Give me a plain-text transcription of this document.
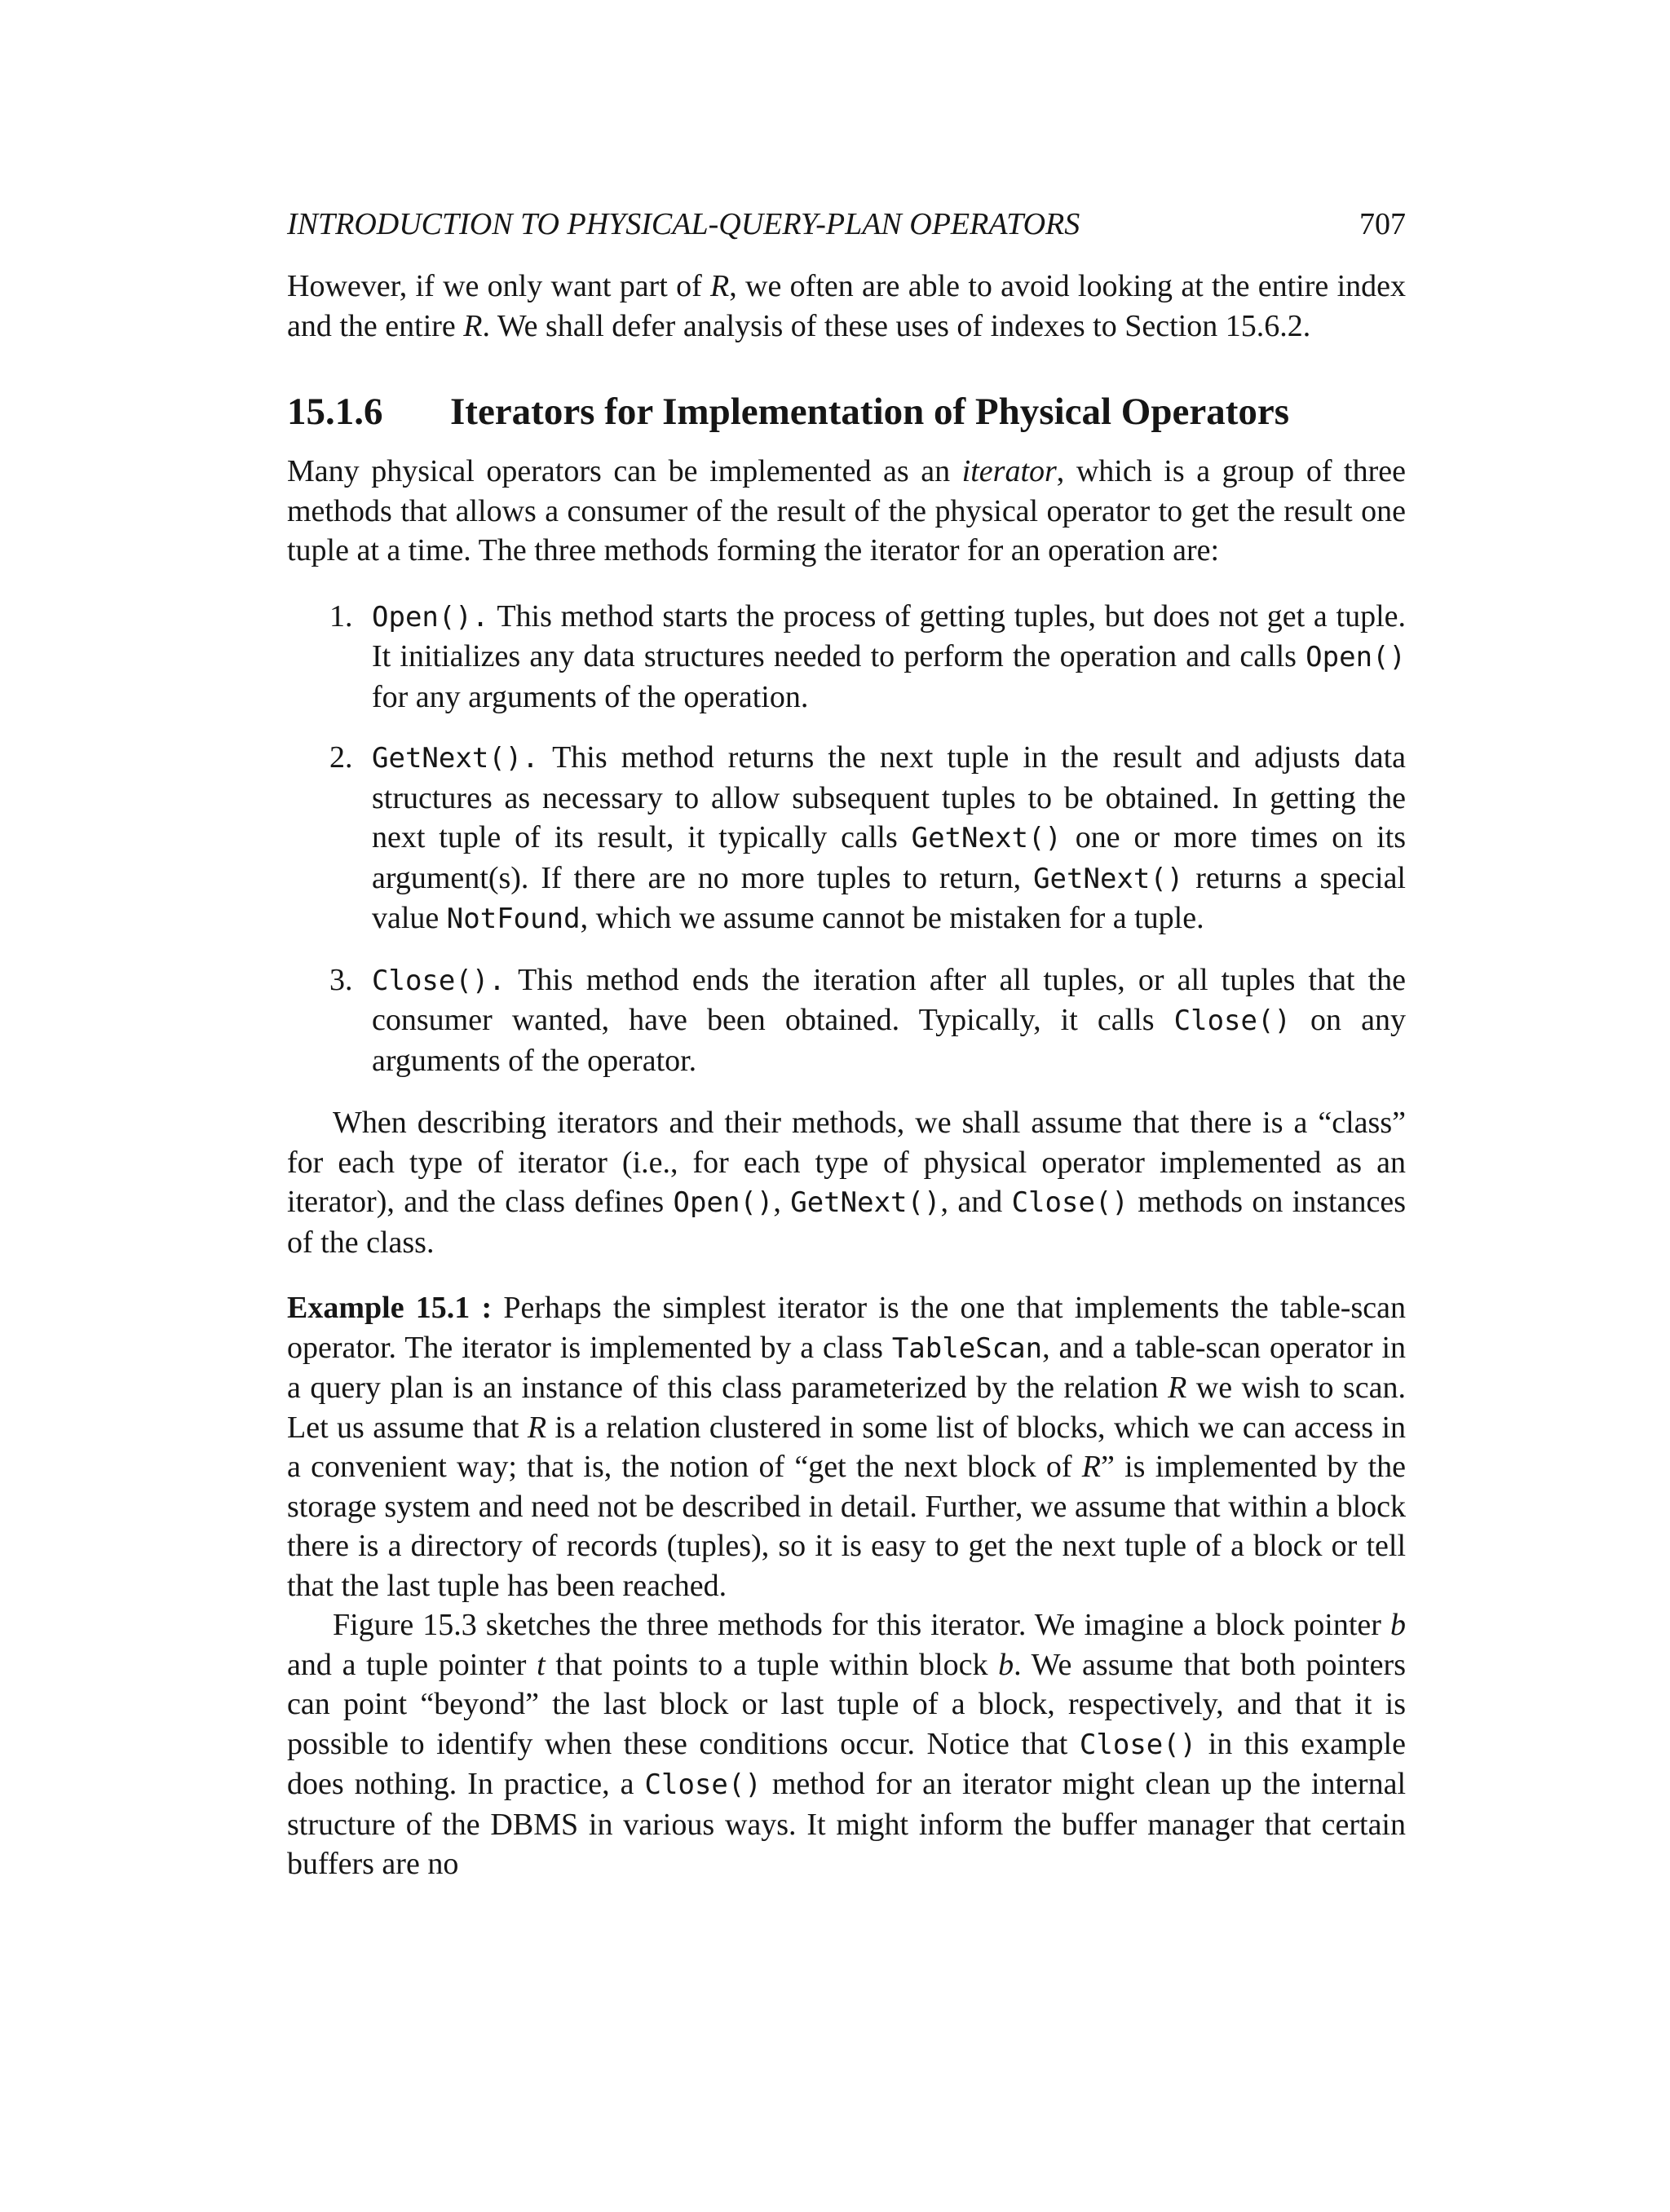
INTRODUCTION TO PHYSICAL-QUERY-PLAN OPERATORS	707

However, if we only want part of R, we often are able to avoid looking at the entire index and the entire R. We shall defer analysis of these uses of indexes to Section 15.6.2.

15.1.6 Iterators for Implementation of Physical Operators

Many physical operators can be implemented as an iterator, which is a group of three methods that allows a consumer of the result of the physical operator to get the result one tuple at a time. The three methods forming the iterator for an operation are:

1. Open(). This method starts the process of getting tuples, but does not get a tuple. It initializes any data structures needed to perform the operation and calls Open() for any arguments of the operation.
2. GetNext(). This method returns the next tuple in the result and adjusts data structures as necessary to allow subsequent tuples to be obtained. In getting the next tuple of its result, it typically calls GetNext() one or more times on its argument(s). If there are no more tuples to return, GetNext() returns a special value NotFound, which we assume cannot be mistaken for a tuple.
3. Close(). This method ends the iteration after all tuples, or all tuples that the consumer wanted, have been obtained. Typically, it calls Close() on any arguments of the operator.

When describing iterators and their methods, we shall assume that there is a “class” for each type of iterator (i.e., for each type of physical operator implemented as an iterator), and the class defines Open(), GetNext(), and Close() methods on instances of the class.

Example 15.1 : Perhaps the simplest iterator is the one that implements the table-scan operator. The iterator is implemented by a class TableScan, and a table-scan operator in a query plan is an instance of this class parameterized by the relation R we wish to scan. Let us assume that R is a relation clustered in some list of blocks, which we can access in a convenient way; that is, the notion of “get the next block of R” is implemented by the storage system and need not be described in detail. Further, we assume that within a block there is a directory of records (tuples), so it is easy to get the next tuple of a block or tell that the last tuple has been reached.

Figure 15.3 sketches the three methods for this iterator. We imagine a block pointer b and a tuple pointer t that points to a tuple within block b. We assume that both pointers can point “beyond” the last block or last tuple of a block, respectively, and that it is possible to identify when these conditions occur. Notice that Close() in this example does nothing. In practice, a Close() method for an iterator might clean up the internal structure of the DBMS in various ways. It might inform the buffer manager that certain buffers are no
